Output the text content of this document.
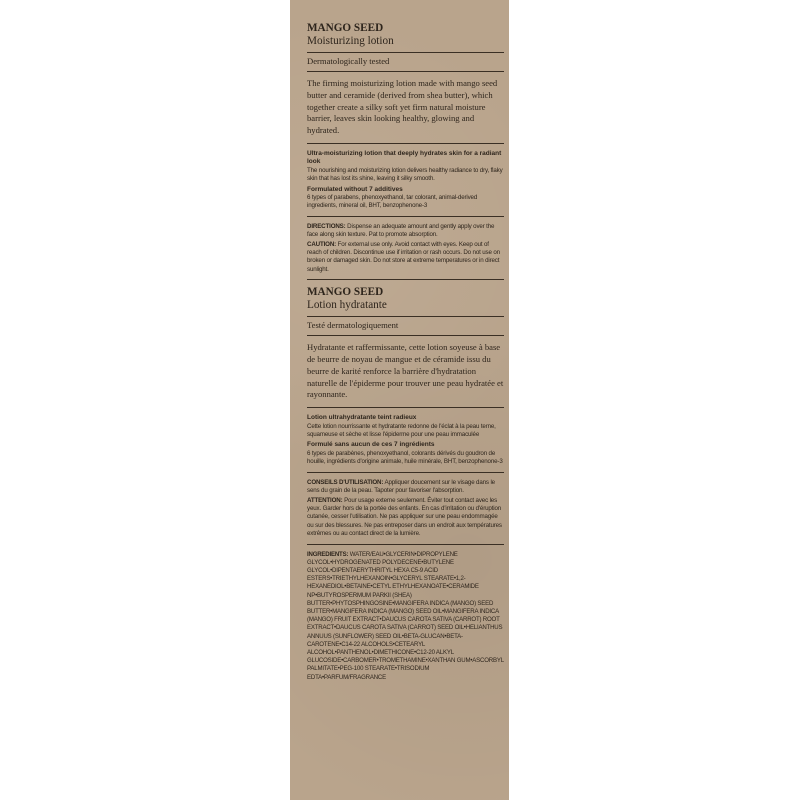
MANGO SEED
Moisturizing lotion
Dermatologically tested
The firming moisturizing lotion made with mango seed butter and ceramide (derived from shea butter), which together create a silky soft yet firm natural moisture barrier, leaves skin looking healthy, glowing and hydrated.
Ultra-moisturizing lotion that deeply hydrates skin for a radiant look
The nourishing and moisturizing lotion delivers healthy radiance to dry, flaky skin that has lost its shine, leaving it silky smooth.
Formulated without 7 additives
6 types of parabens, phenoxyethanol, tar colorant, animal-derived ingredients, mineral oil, BHT, benzophenone-3
DIRECTIONS: Dispense an adequate amount and gently apply over the face along skin texture. Pat to promote absorption.
CAUTION: For external use only. Avoid contact with eyes. Keep out of reach of children. Discontinue use if irritation or rash occurs. Do not use on broken or damaged skin. Do not store at extreme temperatures or in direct sunlight.
MANGO SEED
Lotion hydratante
Testé dermatologiquement
Hydratante et raffermissante, cette lotion soyeuse à base de beurre de noyau de mangue et de céramide issu du beurre de karité renforce la barrière d'hydratation naturelle de l'épiderme pour trouver une peau hydratée et rayonnante.
Lotion ultrahydratante teint radieux
Cette lotion nourrissante et hydratante redonne de l'éclat à la peau terne, squameuse et sèche et lisse l'épiderme pour une peau immaculée
Formulé sans aucun de ces 7 ingrédients
6 types de parabènes, phenoxyethanol, colorants dérivés du goudron de houille, ingrédients d'origine animale, huile minérale, BHT, benzophenone-3
CONSEILS D'UTILISATION: Appliquer doucement sur le visage dans le sens du grain de la peau. Tapoter pour favoriser l'absorption.
ATTENTION: Pour usage externe seulement. Éviter tout contact avec les yeux. Garder hors de la portée des enfants. En cas d'irritation ou d'éruption cutanée, cesser l'utilisation. Ne pas appliquer sur une peau endommagée ou sur des blessures. Ne pas entreposer dans un endroit aux températures extrêmes ou au contact direct de la lumière.
INGREDIENTS: WATER/EAU•GLYCERIN•DIPROPYLENE GLYCOL•HYDROGENATED POLYDECENE•BUTYLENE GLYCOL•DIPENTAERYTHRITYL HEXA C5-9 ACID ESTERS•TRIETHYLHEXANOIN•GLYCERYL STEARATE•1,2-HEXANEDIOL•BETAINE•CETYL ETHYLHEXANOATE•CERAMIDE NP•BUTYROSPERMUM PARKII (SHEA) BUTTER•PHYTOSPHINGOSINE•MANGIFERA INDICA (MANGO) SEED BUTTER•MANGIFERA INDICA (MANGO) SEED OIL•MANGIFERA INDICA (MANGO) FRUIT EXTRACT•DAUCUS CAROTA SATIVA (CARROT) ROOT EXTRACT•DAUCUS CAROTA SATIVA (CARROT) SEED OIL•HELIANTHUS ANNUUS (SUNFLOWER) SEED OIL•BETA-GLUCAN•BETA-CAROTENE•C14-22 ALCOHOLS•CETEARYL ALCOHOL•PANTHENOL•DIMETHICONE•C12-20 ALKYL GLUCOSIDE•CARBOMER•TROMETHAMINE•XANTHAN GUM•ASCORBYL PALMITATE•PEG-100 STEARATE•TRISODIUM EDTA•PARFUM/FRAGRANCE
